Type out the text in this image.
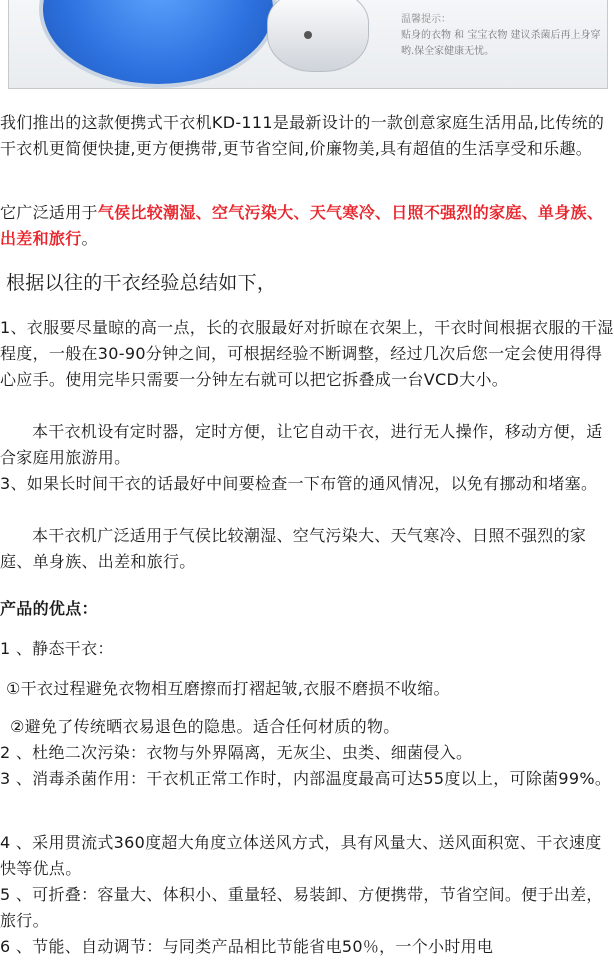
温馨提示：
贴身的衣物 和 宝宝衣物 建议杀菌后再上身穿哟.保全家健康无忧。

我们推出的这款便携式干衣机KD-111是最新设计的一款创意家庭生活用品,比传统的干衣机更简便快捷,更方便携带,更节省空间,价廉物美,具有超值的生活享受和乐趣。

它广泛适用于气侯比较潮湿、空气污染大、天气寒冷、日照不强烈的家庭、单身族、出差和旅行。

根据以往的干衣经验总结如下，

1、衣服要尽量晾的高一点，长的衣服最好对折晾在衣架上，干衣时间根据衣服的干湿程度，一般在30-90分钟之间，可根据经验不断调整，经过几次后您一定会使用得得心应手。使用完毕只需要一分钟左右就可以把它拆叠成一台VCD大小。

本干衣机设有定时器，定时方便，让它自动干衣，进行无人操作，移动方便，适合家庭用旅游用。

3、如果长时间干衣的话最好中间要检查一下布管的通风情况，以免有挪动和堵塞。

本干衣机广泛适用于气侯比较潮湿、空气污染大、天气寒冷、日照不强烈的家庭、单身族、出差和旅行。

产品的优点：

1 、静态干衣：

①干衣过程避免衣物相互磨擦而打褶起皱,衣服不磨损不收缩。

②避免了传统晒衣易退色的隐患。适合任何材质的物。

2 、杜绝二次污染：衣物与外界隔离，无灰尘、虫类、细菌侵入。

3 、消毒杀菌作用：干衣机正常工作时，内部温度最高可达55度以上，可除菌99%。

4 、采用贯流式360度超大角度立体送风方式，具有风量大、送风面积宽、干衣速度快等优点。

5 、可折叠：容量大、体积小、重量轻、易装卸、方便携带，节省空间。便于出差，旅行。

6 、节能、自动调节：与同类产品相比节能省电50％，一个小时用电
